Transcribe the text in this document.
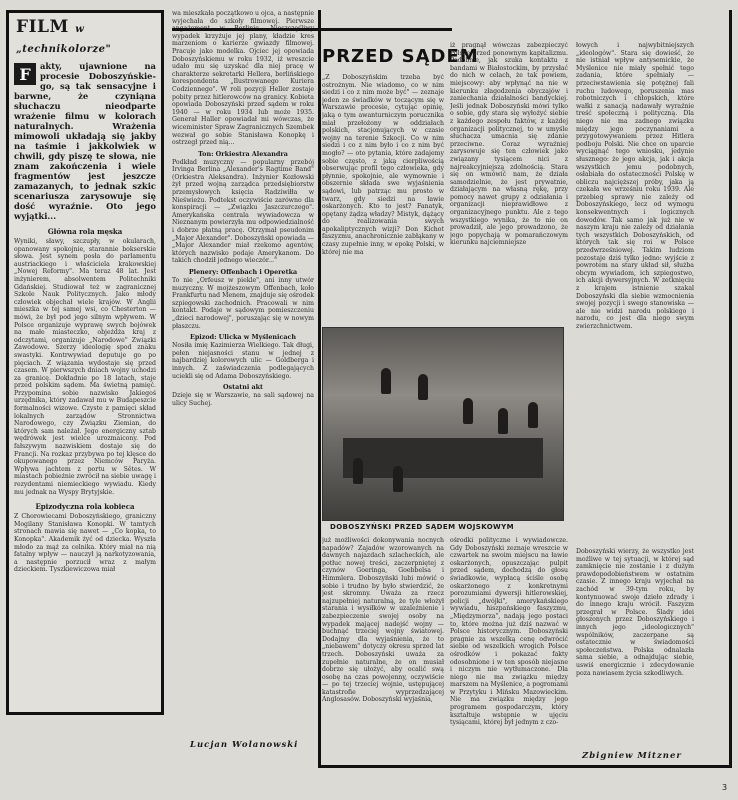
FILM w „technikolorze"
F	akty, ujawnione na procesie Doboszyńskie-go, są tak sensacyjne i barwne, że czyniąna słuchaczu nieodparte wrażenie filmu w kolorach naturalnych. Wrażenia mimowoli układają się jakby na taśmie i jakkolwiek w chwili, gdy piszę te słowa, nie znam zakończenia i wiele fragmentów jest jeszcze zamazanych, to jednak szkic scenariusza zarysowuje się dość wyraźnie. Oto jego wyjątki...

Główna rola męska

Wyniki, sławy, szczupły, w okularach, opanowany spokojnie, starannie bokserskie słowa. Jest synem posła do parlamentu austriackiego i właściciela krakowskiej „Nowej Reformy". Ma teraz 48 lat. Jest inżynierem, absolwentem Politechniki Gdańskiej. Studiował też w zagranicznej Szkole Nauk Politycznych. Jako młody człowiek objechał wiele krajów. W Anglii mieszka w tej samej wsi, co Chesterton — mówi, że był pod jego silnym wpływem. W Polsce organizuje wyprawę swych bojówek na małe miasteczko, objeżdża kraj z odczytami, organizuje „Narodowe" Związki Zawodowe. Szerzy ideologię spod znaku swastyki. Kontrwywiad deputuje go po pięciach. Z wiązania wydostaje się przed czasem. W pierwszych dniach wojny uchodzi za granicę. Dokładnie po 18 latach, staje przed polskim sądem. Ma świetną pamięć. Przypomina sobie nazwisko Jakiegoś urzędnika, który zadawał mu w Budapeszcie formalności wizowe. Czyste z pamięci skład lokalnych zarządów Stronnictwa Narodowego, czy Związku Ziemian, do których sam należał. Jego energiczny sztab wędrówek jest wielce urozmaicony. Pod fałszywym nazwiskiem dostaje się do Francji. Na rozkaz przybywa po tej klęsce do okupowanego przez Niemców Paryża. Wpływa jachtem z portu w Sêtes. W miastach pobieżnie zwrócił na siebie uwagę i rezydentami niemieckiego wywiadu. Kiedy mu jednak na Wyspy Brytyjskie.

Epizodyczna rola kobieca

Z Chorowiecami Doboszyńskiego, graniczny Mogilany Stanisława Konopki. W tamtych stronach mawia się nawet — „Co kopka, to Konopka". Akademik żyć od dziecka. Wyszła młodo za mąż za celnika. Który miał na nią fatalny wpływ — nauczył ją narkotyzowania, a następnie porzucił wraz z małym dzieckiem. Tyszkiewiczowa miał

wa mieszkała początkowo u ojca, a następnie wyjechała do szkoły filmowej. Pierwsze wypadek krzyżuje jej plany, kładzie kres marzeniom o karierze gwiazdy filmowej. Pracuje jako modelka. Ojciec jej opowiada Doboszyńskiemu w roku 1932, iż wreszcie udało mu się uzyskać dla niej pracę w charakterze sekretarki Hellera, berlińskiego korespondenta „Ilustrowanego Kuriera Codziennego". W roli pozycji Heller zostaje pobity przez hitlerowców na granicy. Kobieta opowiada Doboszyński przed sądem w roku 1940 — w roku 1934 lub może 1935. Generał Haller opowiadał mi wówczas, że wiceminister Spraw Zagranicznych Szembek wezwał go sobie Stanisława Konopkę i ostrzegł przed nią...

Ton: Orkiestra Alexandra

Podkład muzyczny — popularny przebój Irvinga Berlina „Alexander's Ragtime Band" (Orkiestra Aleksandra). Inżynier Kozłowski żył przed wojną zarządca przedsiębiorstw przemysłowych księcia Radziwiłła w Nieświeżu. Podtekst oczywiście zarówno dla konspiracji — „Związku Jaszczurczego". Amerykańska centrala wywiadowcza w Nieznanym powierzyła mu odpowiedzialność i dobrze płatną pracę. Otrzymał pseudonim „Major Alexander". Doboszyński opowiada — „Major Alexander miał rzekomo agentów, których nazwisko podaje Amerykanom. Do takich chodził jednego wieczór..."

Plenery: Offenbach i Operetka

To nie „Orfeusz w piekle", ani inny utwór muzyczny. W mojżeszowym Offenbach, koło Frankfurtu nad Menem, znajduje się ośrodek szpiegowski zachodnich. Pracowali w nim kontakt. Podaje w sądowym pomieszczeniu „dzieci narodowej", poruszając się w nowym płaszczu.

Epizod: Ulicka w Myślenicach

Nosiła imię Kazimierza Wielkiego. Tak długi, pełen niejasności stanu w jednej z najbardziej kolorowych ulic — Goldberga i innych. Z zaświadczenia podlegających uciekli się od Adama Doboszyńskiego.

Ostatni akt

Dzieje się w Warszawie, na sali sądowej na ulicy Suchej.

Lucjan Wolanowski
PRZED SĄDEM
„Z Doboszyńskim trzeba być ostrożnym. Nie wiadomo, co w nim siedzi i co z nim może być" — zeznaje jeden ze świadków w toczącym się w Warszawie procesie, cytując opinię, jaką o tym awanturniczym porucznika miał przełożony w oddziałach polskich, stacjonujących w czasie wojny na terenie Szkocji. Co w nim siedzi i co z nim było i co z nim być mogło? — oto pytania, które zadajemy sobie często, z jaką cierpliwością obserwując profil tego człowieka, gdy płynnie, spokojnie, ale wymownie i obszernie składa swe wyjaśnienia sądowi, lub patrząc mu prosto w twarz, gdy siedzi na ławie oskarżonych. Kto to jest? Fanatyk, opętany żądzą władzy? Mistyk, dążący do realizowania swych apokaliptycznych wizji? Don Kichot faszyzmu, anachronicznie zabłąkany w czasy zupełnie inny, w epokę Polski, w której nie ma
iż pragnął wówczas zabezpieczyć Polskę przed ponownym kapitalizmu. Podobnie, jak szuka kontaktu z bandami w Białostockim, by przysłać do nich w celach, że tak powiem, miejscowy: aby wpłynąć na nie w kierunku złagodzenia obyczajów i zaniechania działalności bandyckiej. Jeśli jednak Doboszyński mówi tylko o sobie, gdy stara się wyłożyć siebie z każdego zespołu faktów, z każdej organizacji politycznej, to w umyśle słuchacza umacnia się zdanie przeciwne. Coraz wyraźniej zarysowuje się ten człowiek jako związany tysiącem nici z najreakcyjniejszą zdolnością. Stara się on wmówić nam, że działa samodzielnie, że jest prywatnie, działającym na własną rękę, przy pomocy nawet grupy z odziałania i organizacji nieprawidłowe z organizacyjnego punktu. Ale z tego wszystkiego wynika, że to nie on prowadził, ale jego prowadzono, że jego popychają w pomarańczowym kierunku najciemniejsze
łowych i najwybitniejszych „ideologów". Stara się dowieść, że nie istniał wpływ antysemickie, że Myślenice nie miały spełnić tego zadania, które spełniały — przeciwstawienia się potężnej fali ruchu ludowego, poruszenia mas robotniczych i chłopskich, które wałki z sanacją nadawały wyraźnie treść społeczną i polityczną. Dla niego nie ma zadnego związku między jego poczynaniami a przygotowywaniem przez Hitlera podboju Polski. Nie chce on uparcie wyciągnąć tego wniosku, jedynie słusznego: że jego akcja, jak i akcja wszystkich jemu podobnych, osłabiała do ostateczności Polskę w obliczu najcięższej próby, jaka ją czekała we wrześniu roku 1939. Ale przebieg sprawy nie zależy od Doboszyńskiego, lecz od wymogu konsekwentnych i logicznych dowodów. Tak samo jak już nie w naszym kraju nie zależy od działania tych wszystkich Doboszyńskich, od których tak się roi w Polsce przedwrześniowej. Takim ludziom pozostaje dziś tylko jedno: wyjście z powrotem na stary układ sił, służba obcym wywiadom, ich szpiegostwo, ich akcji dywersyjnych. W zetknięciu z krajem istnienie szakal Doboszyński dla siebie wzmocnienia swojej pozycji i swego stanowiska — ale nie widzi narodu polskiego i narodu, co jest dla niego swym zwierzchnictwem.
DOBOSZYŃSKI PRZED SĄDEM WOJSKOWYM
już możliwości dokonywania nocnych napadów? Zajadów wzorowanych na dawnych najazdach szlacheckich, ale potłuc nowej treści, zaczerpniętej z czynów Goeringa, Goebbelsa i Himmlera. Doboszyński lubi mówić o sobie i trudno by było stwierdzić, że jest skromny. Uważa za rzecz najzupełniej naturalną, że tyle włożył starania i wysiłków w uzależnienie i zabezpieczenie swojej osoby na wypadek mającej nadejść wojny — buchnąć trzeciej wojny światowej. Dodajmy dla wyjaśnienia, że to „niebawem" dotyczy okresu sprzed lat trzech. Doboszyński uważa za zupełnie naturalne, że on musiał dobrze się ułożyć, aby ocalić swą osobę na czas powojenny, oczywiście — po tej trzeciej wojnie, ustępującej katastrofie wyprzedzającej Anglosasów. Doboszyński wyjaśnia,
ośrodki polityczne i wywiadowcze. Gdy Doboszyński zeznaje wreszcie w czwartek na swoim miejscu na ławie oskarżonych, opuszczając pulpit przed sądem, dochodzą do głosu świadkowie, wypłacą ściśle osobę oskarżonego z konkretnymi porozumiami dywersji hitlerowskiej, policji „dwójki", amerykańskiego wywiadu, hiszpańskiego faszyzmu, „Międzymorza", nadają jego postaci to, które można już dziś nazwać w Polsce historycznym. Doboszyński pragnie za wszelką cenę odwrócić siebie od wszelkich wrogich Polsce ośrodków i pokazać fakty odosobnione i w ten sposób niejasne i niczym nie wytłumaczone. Dla niego nie ma związku między marszem na Myślenice, a pogromami w Przytyku i Mińsku Mazowieckim. Nie ma związku między jego programem gospodarczym, który kształtuje wstępnie w ujęciu tysiącami, której był jednym z czo-
Doboszyński wierzy, że wszystko jest możliwe w tej sytuacji, w której sąd zamknięcie nie zostanie i z dużym prawdopodobieństwem w ostatnim czasie. Z innego kraju wyjechał na zachód w 39-tym roku, by kontynuować swoje dzieło zdrady i do innego kraju wrócił. Faszyzm przegrał w Polsce. Ślady idei głoszonych przez Doboszyńskiego i innych jego „ideologicznych" wspólników, zaczerpane są ostatecznie w świadomości społeczeństwa. Polska odnalazła sama siebie, a odnajdując siebie, uswiś energicznie i zdecydowanie poza nawiasem życia szkodliwych.
Zbigniew Mitzner
3
